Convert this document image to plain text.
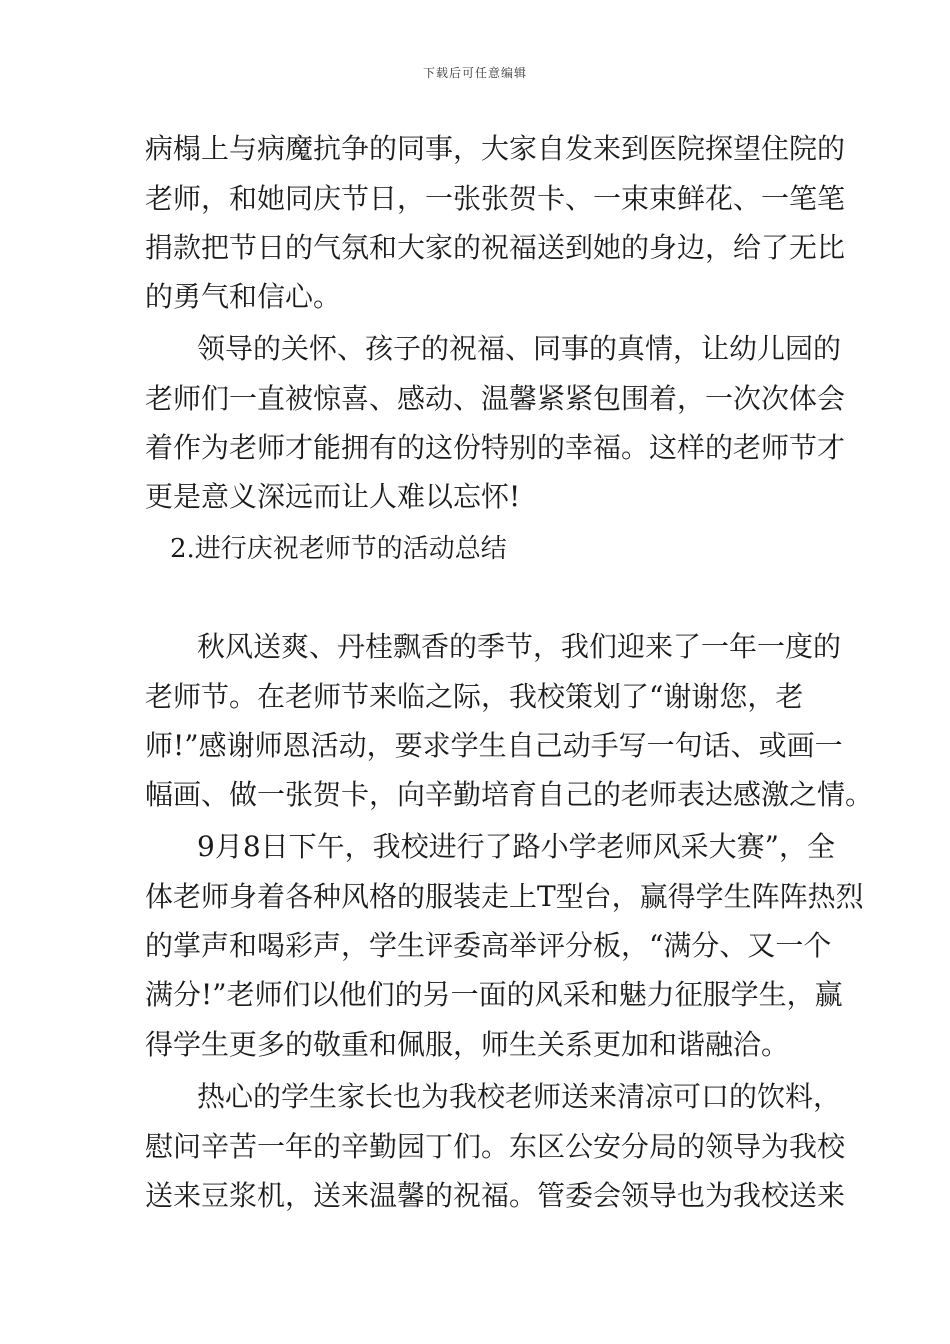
下载后可任意编辑
病榻上与病魔抗争的同事，大家自发来到医院探望住院的
老师，和她同庆节日，一张张贺卡、一束束鲜花、一笔笔
捐款把节日的气氛和大家的祝福送到她的身边，给了无比
的勇气和信心。
领导的关怀、孩子的祝福、同事的真情，让幼儿园的
老师们一直被惊喜、感动、温馨紧紧包围着，一次次体会
着作为老师才能拥有的这份特别的幸福。这样的老师节才
更是意义深远而让人难以忘怀!
2.进行庆祝老师节的活动总结
秋风送爽、丹桂飘香的季节，我们迎来了一年一度的
老师节。在老师节来临之际，我校策划了“谢谢您，老
师!”感谢师恩活动，要求学生自己动手写一句话、或画一
幅画、做一张贺卡，向辛勤培育自己的老师表达感激之情。
9月8日下午，我校进行了路小学老师风采大赛”，全
体老师身着各种风格的服装走上T型台，赢得学生阵阵热烈
的掌声和喝彩声，学生评委高举评分板，“满分、又一个
满分!”老师们以他们的另一面的风采和魅力征服学生，赢
得学生更多的敬重和佩服，师生关系更加和谐融洽。
热心的学生家长也为我校老师送来清凉可口的饮料，
慰问辛苦一年的辛勤园丁们。东区公安分局的领导为我校
送来豆浆机，送来温馨的祝福。管委会领导也为我校送来
